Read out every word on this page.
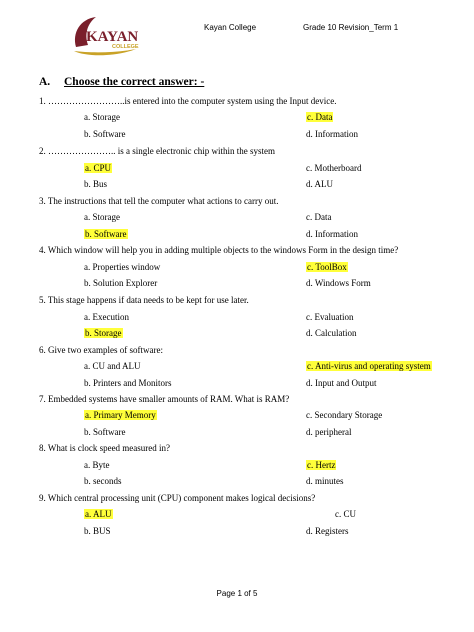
KAYAN
COLLEGE
Kayan College	Grade 10 Revision_Term 1
A. Choose the correct answer: -
1. ……………………..is entered into the computer system using the Input device.
a. Storage	c. Data
b. Software	d. Information
2. ………………….. is a single electronic chip within the system
a. CPU	c. Motherboard
b. Bus	d. ALU
3. The instructions that tell the computer what actions to carry out.
a. Storage	c. Data
b. Software	d. Information
4. Which window will help you in adding multiple objects to the windows Form in the design time?
a. Properties window	c. ToolBox
b. Solution Explorer	d. Windows Form
5. This stage happens if data needs to be kept for use later.
a. Execution	c. Evaluation
b. Storage	d. Calculation
6. Give two examples of software:
a. CU and ALU	c. Anti-virus and operating system
b. Printers and Monitors	d. Input and Output
7. Embedded systems have smaller amounts of RAM. What is RAM?
a. Primary Memory	c. Secondary Storage
b. Software	d. peripheral
8. What is clock speed measured in?
a. Byte	c. Hertz
b. seconds	d. minutes
9. Which central processing unit (CPU) component makes logical decisions?
a. ALU	c. CU
b. BUS	d. Registers
Page 1 of 5
